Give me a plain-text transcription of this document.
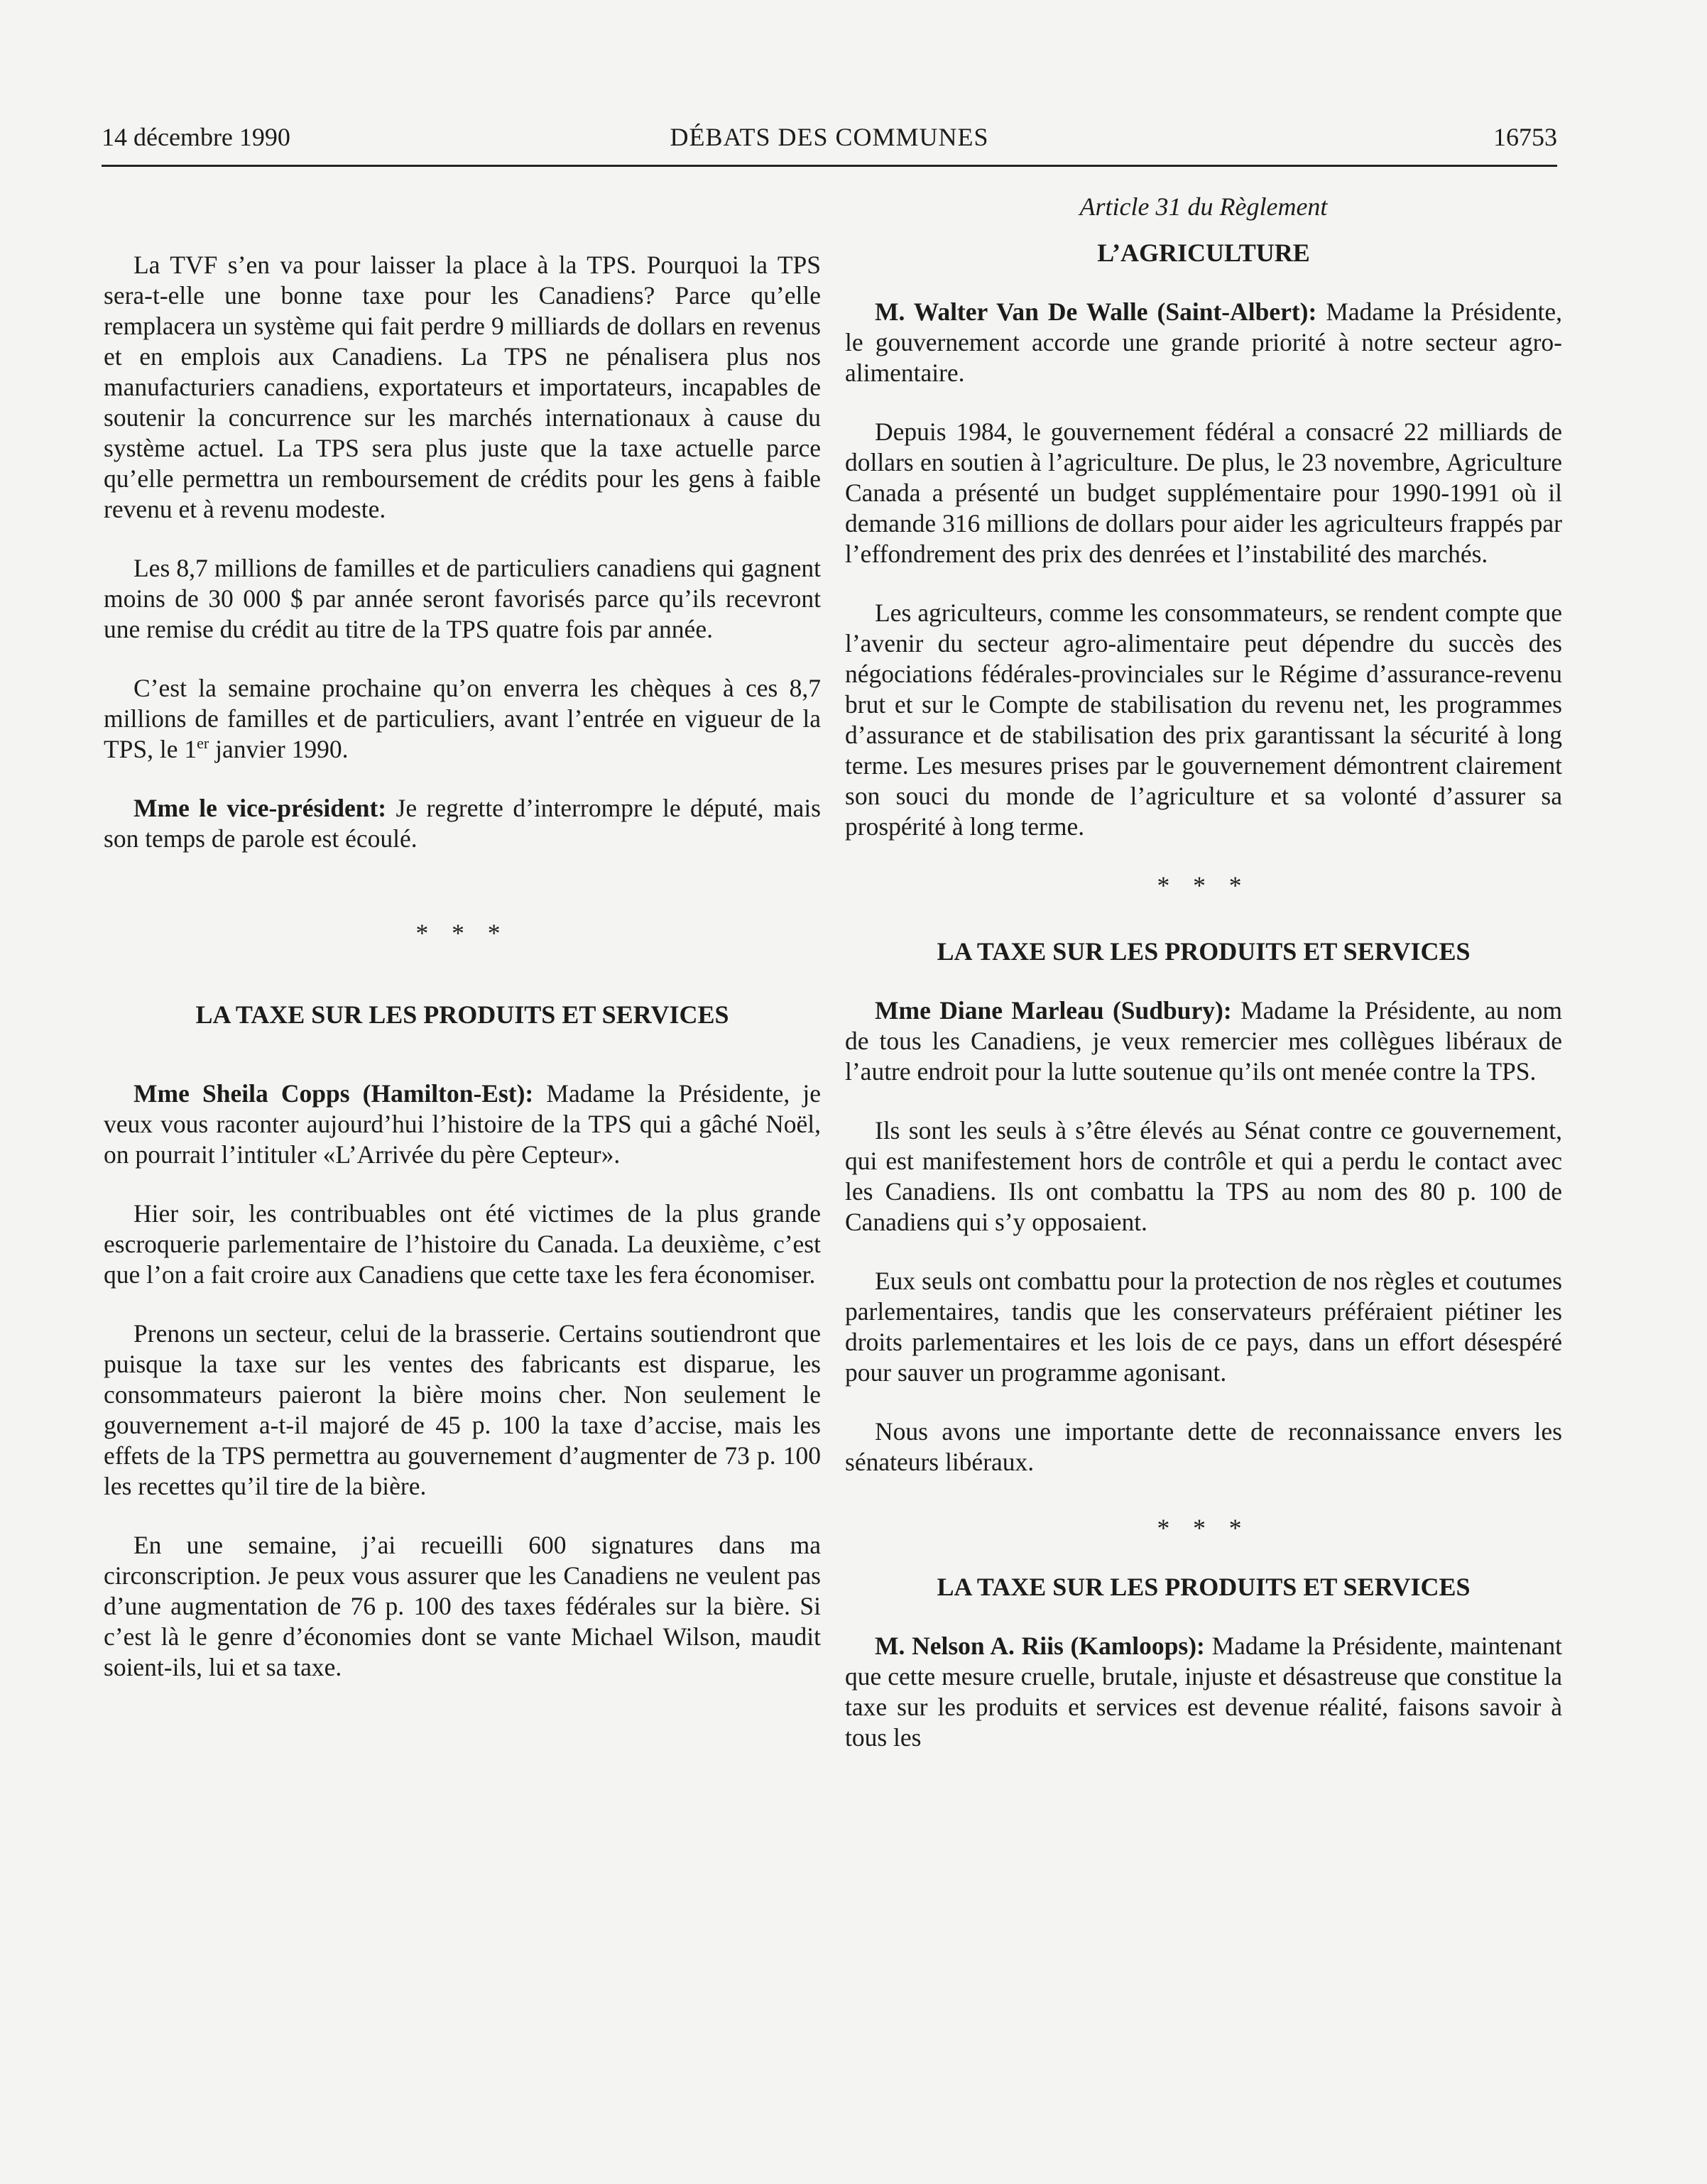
14 décembre 1990	DÉBATS DES COMMUNES	16753

La TVF s’en va pour laisser la place à la TPS. Pourquoi la TPS sera-t-elle une bonne taxe pour les Canadiens? Parce qu’elle remplacera un système qui fait perdre 9 milliards de dollars en revenus et en emplois aux Canadiens. La TPS ne pénalisera plus nos manufacturiers canadiens, exportateurs et importateurs, incapables de soutenir la concurrence sur les marchés internationaux à cause du système actuel. La TPS sera plus juste que la taxe actuelle parce qu’elle permettra un remboursement de crédits pour les gens à faible revenu et à revenu modeste.

Les 8,7 millions de familles et de particuliers canadiens qui gagnent moins de 30 000 $ par année seront favorisés parce qu’ils recevront une remise du crédit au titre de la TPS quatre fois par année.

C’est la semaine prochaine qu’on enverra les chèques à ces 8,7 millions de familles et de particuliers, avant l’entrée en vigueur de la TPS, le 1er janvier 1990.

Mme le vice-président: Je regrette d’interrompre le député, mais son temps de parole est écoulé.

* * *
LA TAXE SUR LES PRODUITS ET SERVICES

Mme Sheila Copps (Hamilton-Est): Madame la Présidente, je veux vous raconter aujourd’hui l’histoire de la TPS qui a gâché Noël, on pourrait l’intituler «L’Arrivée du père Cepteur».

Hier soir, les contribuables ont été victimes de la plus grande escroquerie parlementaire de l’histoire du Canada. La deuxième, c’est que l’on a fait croire aux Canadiens que cette taxe les fera économiser.

Prenons un secteur, celui de la brasserie. Certains soutiendront que puisque la taxe sur les ventes des fabricants est disparue, les consommateurs paieront la bière moins cher. Non seulement le gouvernement a-t-il majoré de 45 p. 100 la taxe d’accise, mais les effets de la TPS permettra au gouvernement d’augmenter de 73 p. 100 les recettes qu’il tire de la bière.

En une semaine, j’ai recueilli 600 signatures dans ma circonscription. Je peux vous assurer que les Canadiens ne veulent pas d’une augmentation de 76 p. 100 des taxes fédérales sur la bière. Si c’est là le genre d’économies dont se vante Michael Wilson, maudit soient-ils, lui et sa taxe.

Article 31 du Règlement
L’AGRICULTURE

M. Walter Van De Walle (Saint-Albert): Madame la Présidente, le gouvernement accorde une grande priorité à notre secteur agro-alimentaire.

Depuis 1984, le gouvernement fédéral a consacré 22 milliards de dollars en soutien à l’agriculture. De plus, le 23 novembre, Agriculture Canada a présenté un budget supplémentaire pour 1990-1991 où il demande 316 millions de dollars pour aider les agriculteurs frappés par l’effondrement des prix des denrées et l’instabilité des marchés.

Les agriculteurs, comme les consommateurs, se rendent compte que l’avenir du secteur agro-alimentaire peut dépendre du succès des négociations fédérales-provinciales sur le Régime d’assurance-revenu brut et sur le Compte de stabilisation du revenu net, les programmes d’assurance et de stabilisation des prix garantissant la sécurité à long terme. Les mesures prises par le gouvernement démontrent clairement son souci du monde de l’agriculture et sa volonté d’assurer sa prospérité à long terme.

* * *
LA TAXE SUR LES PRODUITS ET SERVICES

Mme Diane Marleau (Sudbury): Madame la Présidente, au nom de tous les Canadiens, je veux remercier mes collègues libéraux de l’autre endroit pour la lutte soutenue qu’ils ont menée contre la TPS.

Ils sont les seuls à s’être élevés au Sénat contre ce gouvernement, qui est manifestement hors de contrôle et qui a perdu le contact avec les Canadiens. Ils ont combattu la TPS au nom des 80 p. 100 de Canadiens qui s’y opposaient.

Eux seuls ont combattu pour la protection de nos règles et coutumes parlementaires, tandis que les conservateurs préféraient piétiner les droits parlementaires et les lois de ce pays, dans un effort désespéré pour sauver un programme agonisant.

Nous avons une importante dette de reconnaissance envers les sénateurs libéraux.

* * *
LA TAXE SUR LES PRODUITS ET SERVICES

M. Nelson A. Riis (Kamloops): Madame la Présidente, maintenant que cette mesure cruelle, brutale, injuste et désastreuse que constitue la taxe sur les produits et services est devenue réalité, faisons savoir à tous les
